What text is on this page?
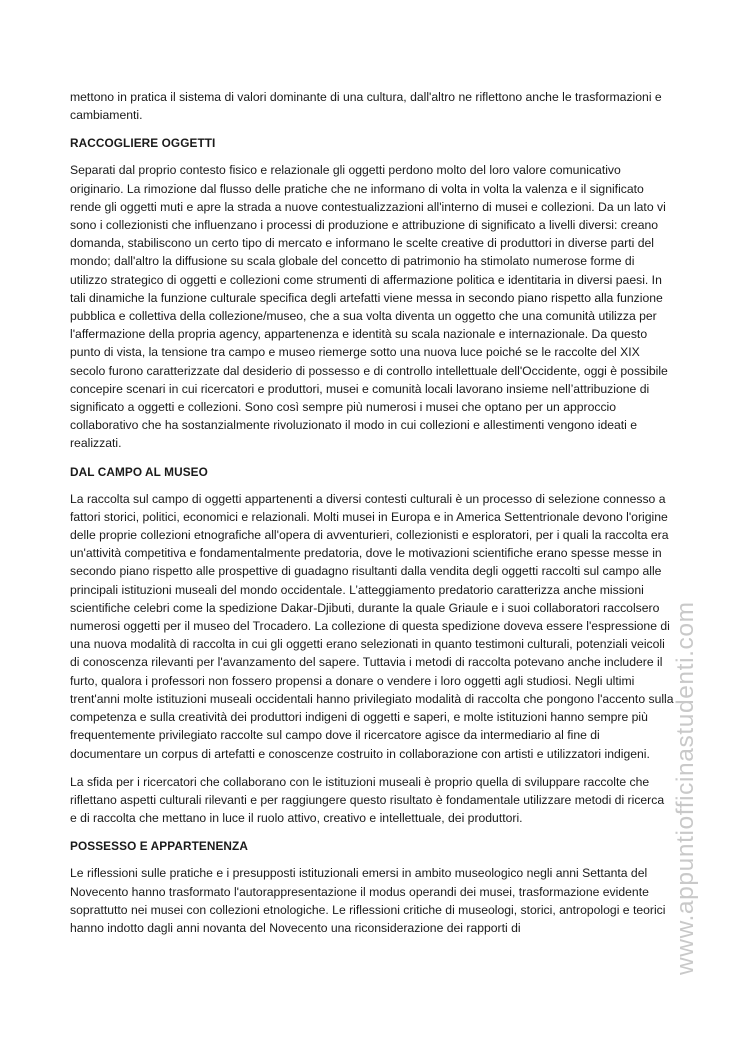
mettono in pratica il sistema di valori dominante di una cultura, dall'altro ne riflettono anche le trasformazioni e cambiamenti.

RACCOGLIERE OGGETTI

Separati dal proprio contesto fisico e relazionale gli oggetti perdono molto del loro valore comunicativo originario. La rimozione dal flusso delle pratiche che ne informano di volta in volta la valenza e il significato rende gli oggetti muti e apre la strada a nuove contestualizzazioni all'interno di musei e collezioni. Da un lato vi sono i collezionisti che influenzano i processi di produzione e attribuzione di significato a livelli diversi: creano domanda, stabiliscono un certo tipo di mercato e informano le scelte creative di produttori in diverse parti del mondo; dall'altro la diffusione su scala globale del concetto di patrimonio ha stimolato numerose forme di utilizzo strategico di oggetti e collezioni come strumenti di affermazione politica e identitaria in diversi paesi. In tali dinamiche la funzione culturale specifica degli artefatti viene messa in secondo piano rispetto alla funzione pubblica e collettiva della collezione/museo, che a sua volta diventa un oggetto che una comunità utilizza per l'affermazione della propria agency, appartenenza e identità su scala nazionale e internazionale. Da questo punto di vista, la tensione tra campo e museo riemerge sotto una nuova luce poiché se le raccolte del XIX secolo furono caratterizzate dal desiderio di possesso e di controllo intellettuale dell'Occidente, oggi è possibile concepire scenari in cui ricercatori e produttori, musei e comunità locali lavorano insieme nell’attribuzione di significato a oggetti e collezioni. Sono così sempre più numerosi i musei che optano per un approccio collaborativo che ha sostanzialmente rivoluzionato il modo in cui collezioni e allestimenti vengono ideati e realizzati.

DAL CAMPO AL MUSEO

La raccolta sul campo di oggetti appartenenti a diversi contesti culturali è un processo di selezione connesso a fattori storici, politici, economici e relazionali. Molti musei in Europa e in America Settentrionale devono l'origine delle proprie collezioni etnografiche all'opera di avventurieri, collezionisti e esploratori, per i quali la raccolta era un'attività competitiva e fondamentalmente predatoria, dove le motivazioni scientifiche erano spesse messe in secondo piano rispetto alle prospettive di guadagno risultanti dalla vendita degli oggetti raccolti sul campo alle principali istituzioni museali del mondo occidentale. L’atteggiamento predatorio caratterizza anche missioni scientifiche celebri come la spedizione Dakar-Djibuti, durante la quale Griaule e i suoi collaboratori raccolsero numerosi oggetti per il museo del Trocadero. La collezione di questa spedizione doveva essere l'espressione di una nuova modalità di raccolta in cui gli oggetti erano selezionati in quanto testimoni culturali, potenziali veicoli di conoscenza rilevanti per l'avanzamento del sapere. Tuttavia i metodi di raccolta potevano anche includere il furto, qualora i professori non fossero propensi a donare o vendere i loro oggetti agli studiosi. Negli ultimi trent'anni molte istituzioni museali occidentali hanno privilegiato modalità di raccolta che pongono l'accento sulla competenza e sulla creatività dei produttori indigeni di oggetti e saperi, e molte istituzioni hanno sempre più frequentemente privilegiato raccolte sul campo dove il ricercatore agisce da intermediario al fine di documentare un corpus di artefatti e conoscenze costruito in collaborazione con artisti e utilizzatori indigeni.

La sfida per i ricercatori che collaborano con le istituzioni museali è proprio quella di sviluppare raccolte che riflettano aspetti culturali rilevanti e per raggiungere questo risultato è fondamentale utilizzare metodi di ricerca e di raccolta che mettano in luce il ruolo attivo, creativo e intellettuale, dei produttori.

POSSESSO E APPARTENENZA

Le riflessioni sulle pratiche e i presupposti istituzionali emersi in ambito museologico negli anni Settanta del Novecento hanno trasformato l'autorappresentazione il modus operandi dei musei, trasformazione evidente soprattutto nei musei con collezioni etnologiche. Le riflessioni critiche di museologi, storici, antropologi e teorici hanno indotto dagli anni novanta del Novecento una riconsiderazione dei rapporti di	www.appuntiofficinastudenti.com
